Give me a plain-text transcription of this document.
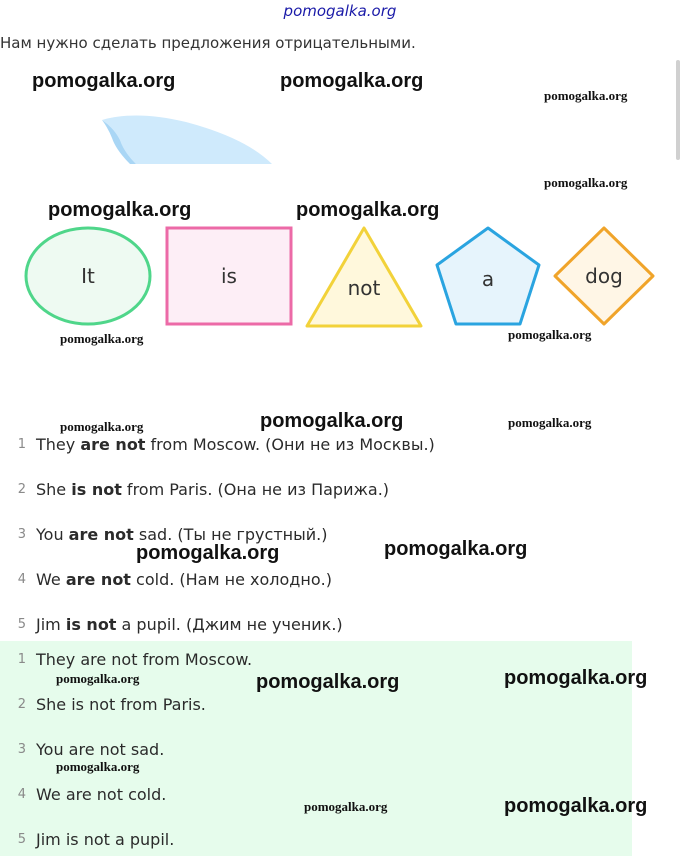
pomogalka.org
Нам нужно сделать предложения отрицательными.
It	is	not	a	dog
1 They are not from Moscow. (Они не из Москвы.)
2 She is not from Paris. (Она не из Парижа.)
3 You are not sad. (Ты не грустный.)
4 We are not cold. (Нам не холодно.)
5 Jim is not a pupil. (Джим не ученик.)
1 They are not from Moscow.
2 She is not from Paris.
3 You are not sad.
4 We are not cold.
5 Jim is not a pupil.
pomogalka.org	pomogalka.org
pomogalka.org
pomogalka.org
pomogalka.org	pomogalka.org
pomogalka.org	pomogalka.org
pomogalka.org	pomogalka.org	pomogalka.org
pomogalka.org	pomogalka.org
pomogalka.org	pomogalka.org	pomogalka.org
pomogalka.org
pomogalka.org	pomogalka.org
